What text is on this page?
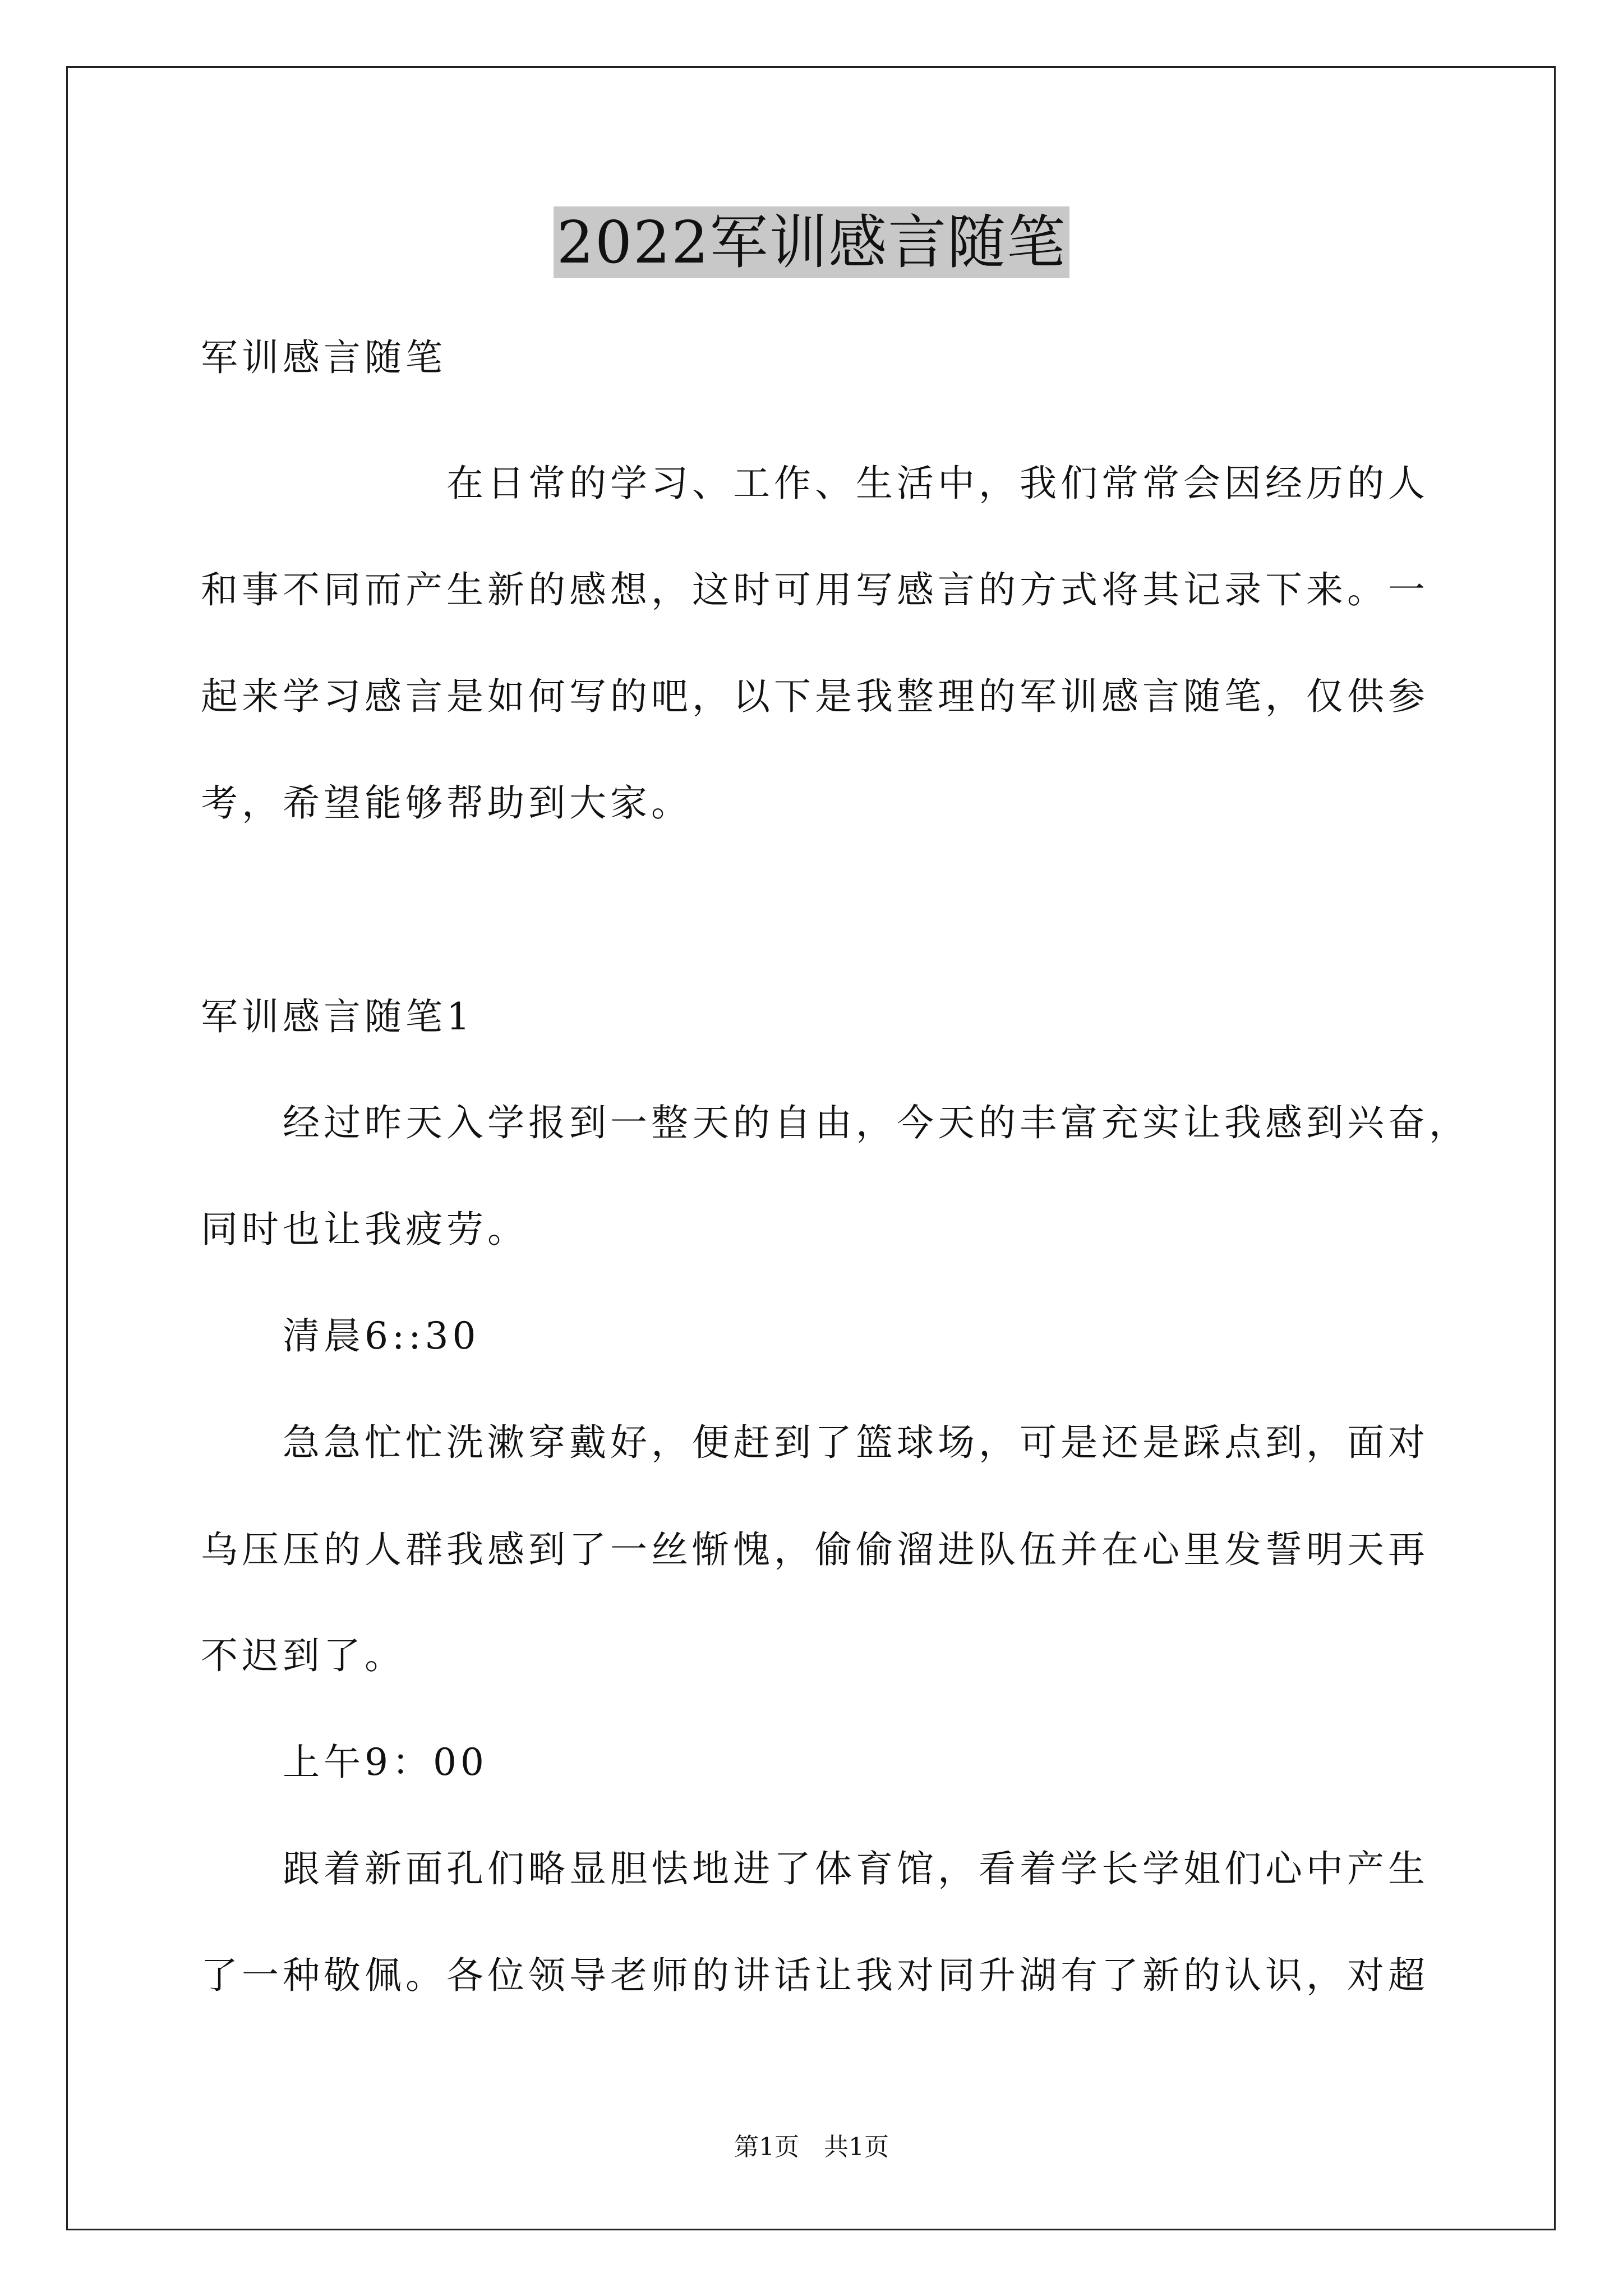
2022军训感言随笔
军训感言随笔
　　　　　　在日常的学习、工作、生活中，我们常常会因经历的人
和事不同而产生新的感想，这时可用写感言的方式将其记录下来。一
起来学习感言是如何写的吧，以下是我整理的军训感言随笔，仅供参
考，希望能够帮助到大家。
军训感言随笔1
　　经过昨天入学报到一整天的自由，今天的丰富充实让我感到兴奋，
同时也让我疲劳。
　　清晨6::30
　　急急忙忙洗漱穿戴好，便赶到了篮球场，可是还是踩点到，面对
乌压压的人群我感到了一丝惭愧，偷偷溜进队伍并在心里发誓明天再
不迟到了。
　　上午9：00
　　跟着新面孔们略显胆怯地进了体育馆，看着学长学姐们心中产生
了一种敬佩。各位领导老师的讲话让我对同升湖有了新的认识，对超
第1页　共1页
